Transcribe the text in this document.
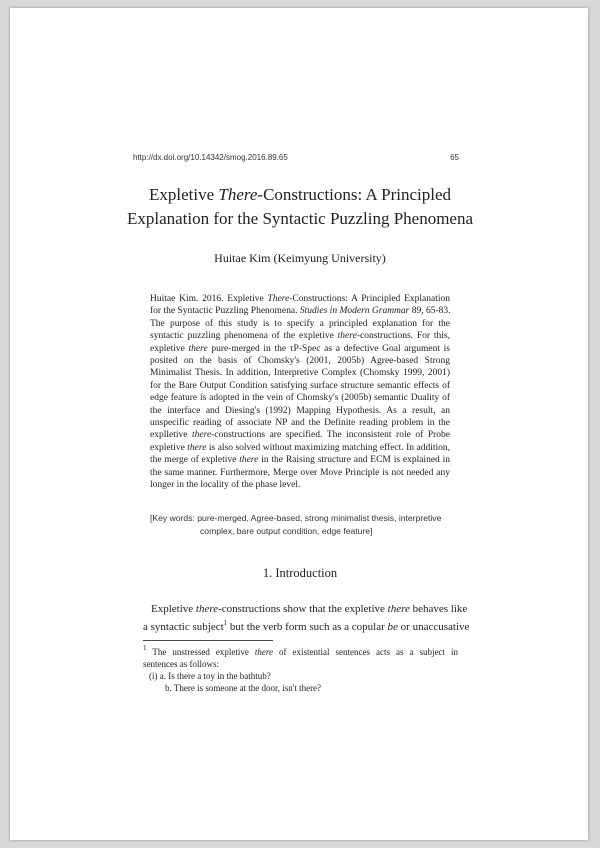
http://dx.doi.org/10.14342/smog.2016.89.65	65
Expletive There-Constructions: A Principled
Explanation for the Syntactic Puzzling Phenomena
Huitae Kim (Keimyung University)
Huitae Kim. 2016. Expletive There-Constructions: A Principled Explanation
for the Syntactic Puzzling Phenomena. Studies in Modern Grammar 89, 65-83.
The purpose of this study is to specify a principled explanation for the
syntactic puzzling phenomena of the expletive there-constructions. For this,
expletive there pure-merged in the τP-Spec as a defective Goal argument is
posited on the basis of Chomsky's (2001, 2005b) Agree-based Strong
Minimalist Thesis. In addition, Interpretive Complex (Chomsky 1999, 2001)
for the Bare Output Condition satisfying surface structure semantic effects of
edge feature is adopted in the vein of Chomsky's (2005b) semantic Duality of
the interface and Diesing's (1992) Mapping Hypothesis. As a result, an
unspecific reading of associate NP and the Definite reading problem in the
explletive there-constructions are specified. The inconsistent role of Probe
expletive there is also solved without maximizing matching effect. In addition,
the merge of expletive there in the Raising structure and ECM is explained in
the same manner. Furthermore, Merge over Move Principle is not needed any
longer in the locality of the phase level.
[Key words: pure-merged, Agree-based, strong minimalist thesis, interpretive
complex, bare output condition, edge feature]
1. Introduction
Expletive there-constructions show that the expletive there behaves like
a syntactic subject$^1$ but the verb form such as a copular be or unaccusative
$^1$ The unstressed expletive there of existential sentences acts as a subject in
sentences as follows:
(i) a. Is there a toy in the bathtub?
b. There is someone at the door, isn't there?
